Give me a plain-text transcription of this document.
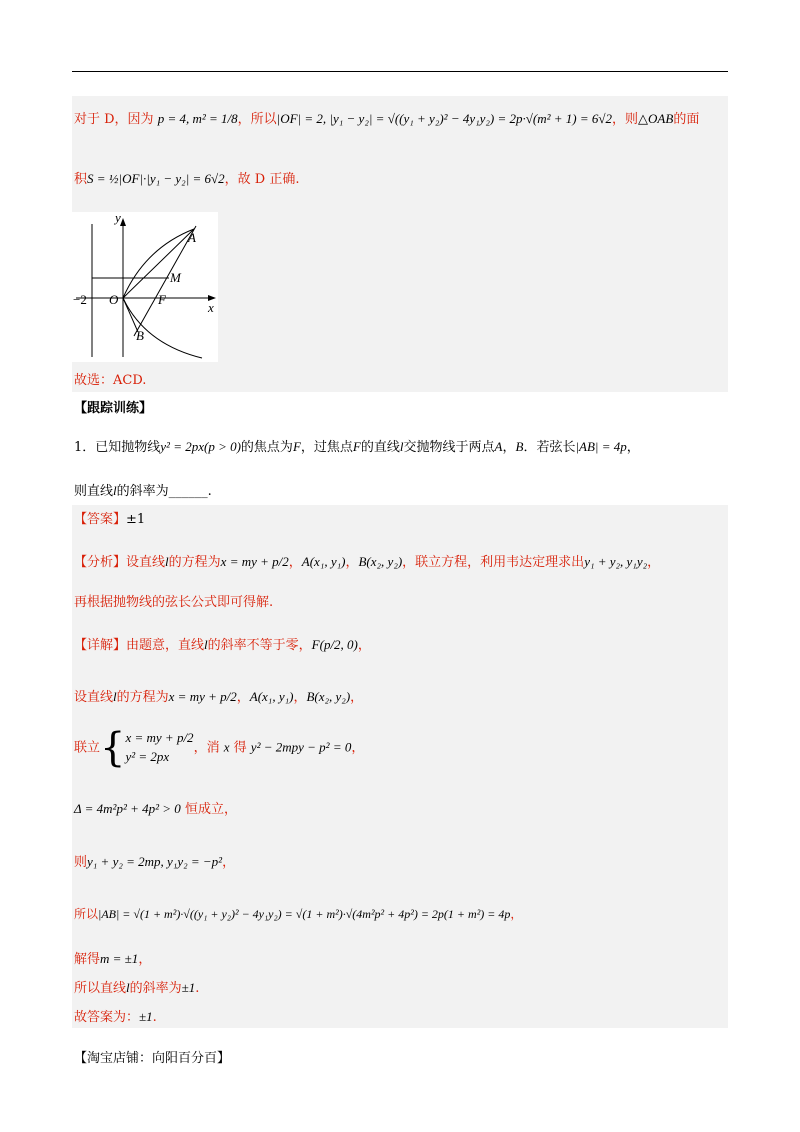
对于 D，因为 p = 4, m² = 1/8，所以|OF| = 2, |y₁ − y₂| = √((y₁ + y₂)² − 4y₁y₂) = 2p·√(m² + 1) = 6√2，则△OAB的面
积S = ½|OF|·|y₁ − y₂| = 6√2，故 D 正确.
y
x
O
−2
A
B
F
M
故选：ACD.
【跟踪训练】
1．已知抛物线y² = 2px(p > 0)的焦点为F，过焦点F的直线l交抛物线于两点A，B．若弦长|AB| = 4p，
则直线l的斜率为______.
【答案】±1
【分析】设直线l的方程为x = my + p/2，A(x₁, y₁)，B(x₂, y₂)，联立方程，利用韦达定理求出y₁ + y₂, y₁y₂，
再根据抛物线的弦长公式即可得解.
【详解】由题意，直线l的斜率不等于零，F(p/2, 0)，
设直线l的方程为x = my + p/2，A(x₁, y₁)，B(x₂, y₂)，
联立{x = my + p/2
y² = 2px，消 x 得 y² − 2mpy − p² = 0，
Δ = 4m²p² + 4p² > 0 恒成立，
则y₁ + y₂ = 2mp, y₁y₂ = −p²，
所以|AB| = √(1 + m²)·√((y₁ + y₂)² − 4y₁y₂) = √(1 + m²)·√(4m²p² + 4p²) = 2p(1 + m²) = 4p，
解得m = ±1，
所以直线l的斜率为±1.
故答案为：±1.
【淘宝店铺：向阳百分百】
